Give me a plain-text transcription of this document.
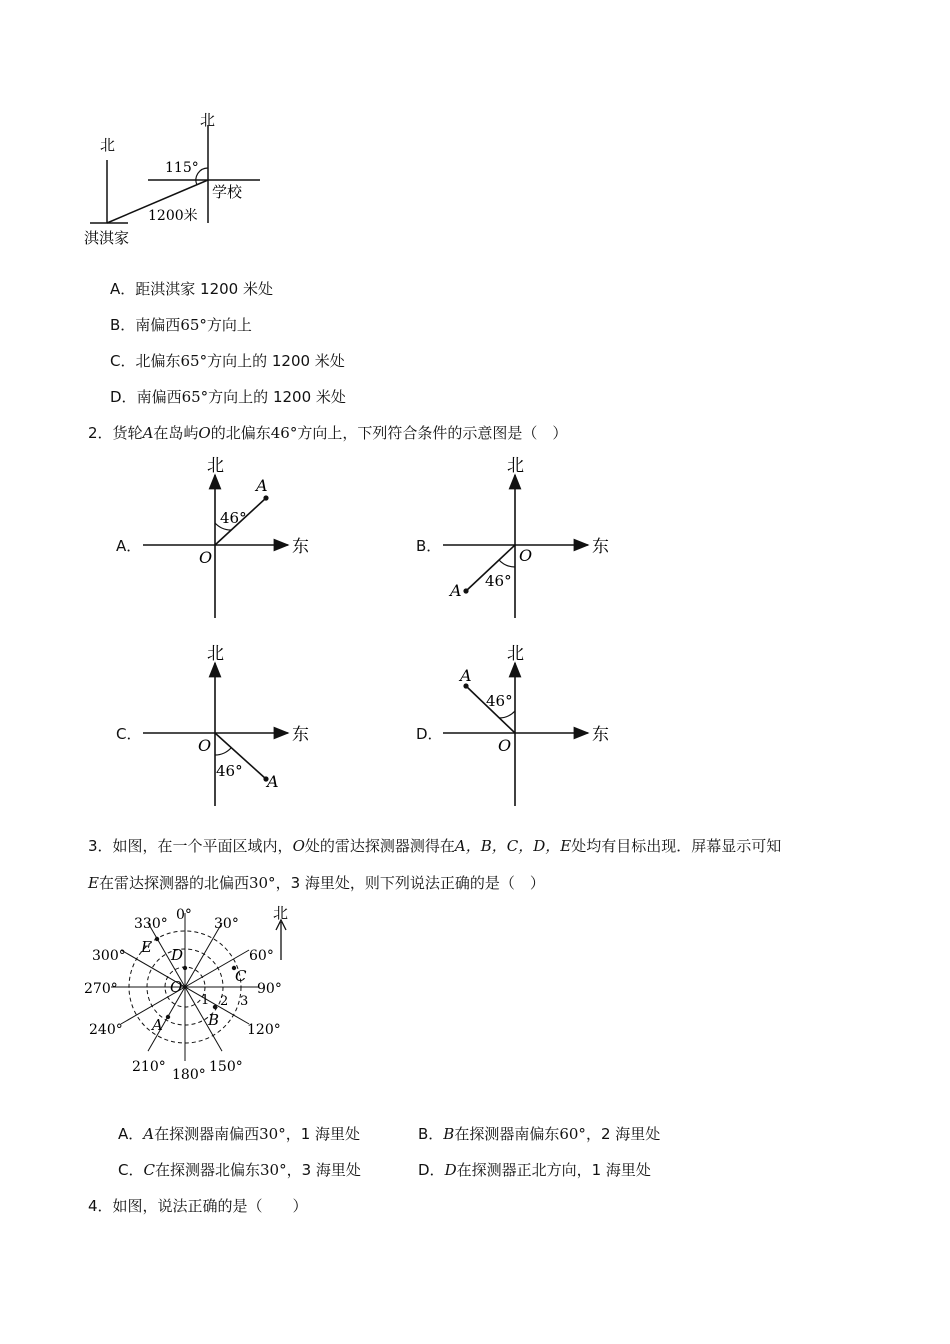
北
北
115°
学校
1200米
淇淇家
A．距淇淇家 1200 米处
B．南偏西65°方向上
C．北偏东65°方向上的 1200 米处
D．南偏西65°方向上的 1200 米处
2．货轮A在岛屿O的北偏东46°方向上，下列符合条件的示意图是（　）
A．
北
东
A
46°
O
B．
北
东
A 46°
O
C．
北
东
A
46°
O
D．
北
东
A
46°
O
3．如图，在一个平面区域内，O处的雷达探测器测得在A，B，C，D，E处均有目标出现．屏幕显示可知
E在雷达探测器的北偏西30°，3 海里处，则下列说法正确的是（　）
北
0°
30°
60°
90°
120°
150°
180°
210°
240°
270°
300°
330°
1 2 3
D
E
C
A	B
O
A．A在探测器南偏西30°，1 海里处	B．B在探测器南偏东60°，2 海里处
C．C在探测器北偏东30°，3 海里处	D．D在探测器正北方向，1 海里处
4．如图，说法正确的是（　　）
